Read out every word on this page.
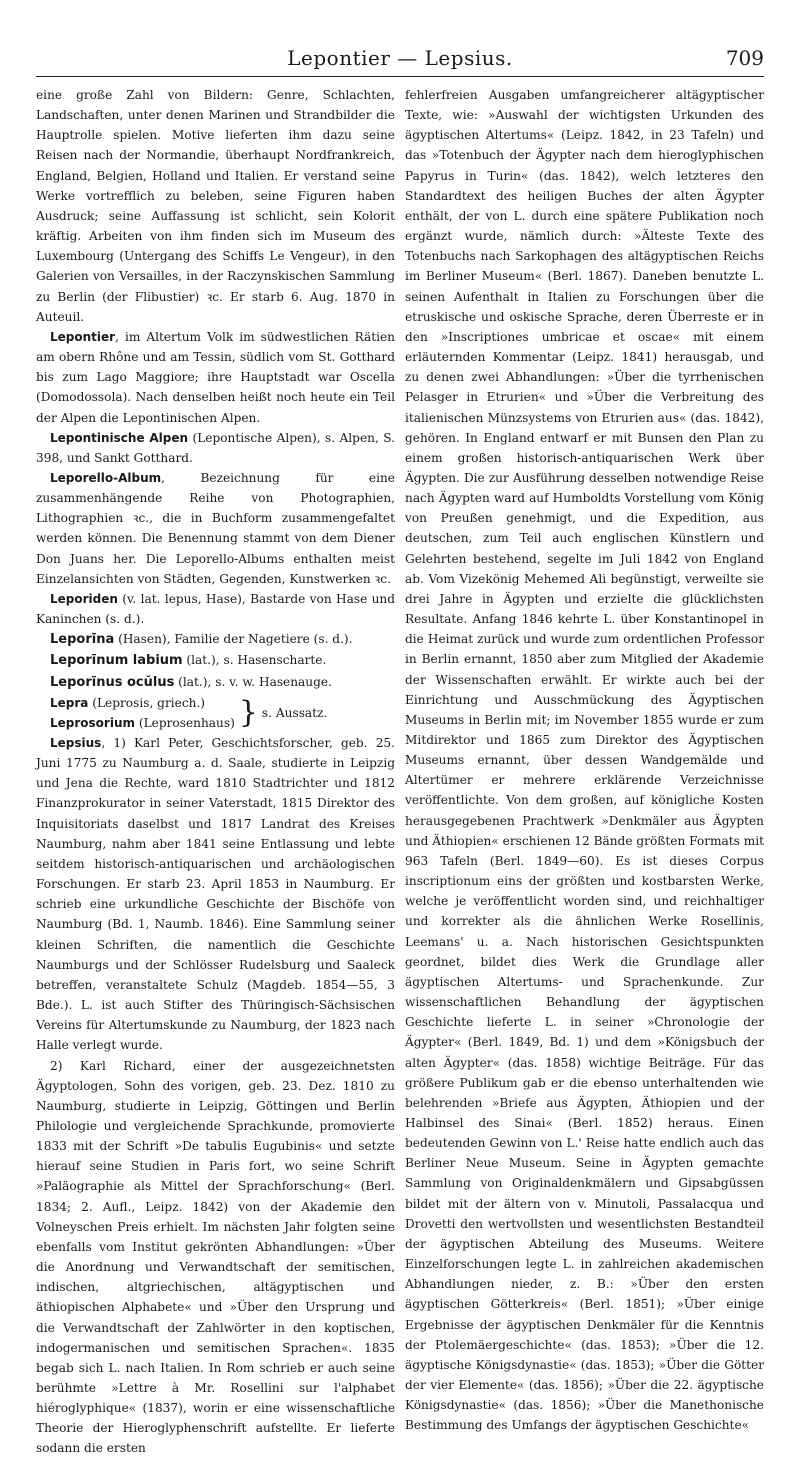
Lepontier — Lepsius.	709

eine große Zahl von Bildern: Genre, Schlachten, Landschaften, unter denen Marinen und Strandbilder die Hauptrolle spielen. Motive lieferten ihm dazu seine Reisen nach der Normandie, überhaupt Nordfrankreich, England, Belgien, Holland und Italien. Er verstand seine Werke vortrefflich zu beleben, seine Figuren haben Ausdruck; seine Auffassung ist schlicht, sein Kolorit kräftig. Arbeiten von ihm finden sich im Museum des Luxembourg (Untergang des Schiffs Le Vengeur), in den Galerien von Versailles, in der Raczynskischen Sammlung zu Berlin (der Flibustier) ꝛc. Er starb 6. Aug. 1870 in Auteuil.

Lepontier, im Altertum Volk im südwestlichen Rätien am obern Rhône und am Tessin, südlich vom St. Gotthard bis zum Lago Maggiore; ihre Hauptstadt war Oscella (Domodossola). Nach denselben heißt noch heute ein Teil der Alpen die Lepontinischen Alpen.

Lepontinische Alpen (Lepontische Alpen), s. Alpen, S. 398, und Sankt Gotthard.

Leporello-Album, Bezeichnung für eine zusammenhängende Reihe von Photographien, Lithographien ꝛc., die in Buchform zusammengefaltet werden können. Die Benennung stammt von dem Diener Don Juans her. Die Leporello-Albums enthalten meist Einzelansichten von Städten, Gegenden, Kunstwerken ꝛc.

Leporiden (v. lat. lepus, Hase), Bastarde von Hase und Kaninchen (s. d.).

Leporīna (Hasen), Familie der Nagetiere (s. d.).

Leporīnum labium (lat.), s. Hasenscharte.

Leporīnus ocŭlus (lat.), s. v. w. Hasenauge.

Lepra (Leprosis, griech.)

Leprosorium (Leprosenhaus) } s. Aussatz.

Lepsius, 1) Karl Peter, Geschichtsforscher, geb. 25. Juni 1775 zu Naumburg a. d. Saale, studierte in Leipzig und Jena die Rechte, ward 1810 Stadtrichter und 1812 Finanzprokurator in seiner Vaterstadt, 1815 Direktor des Inquisitoriats daselbst und 1817 Landrat des Kreises Naumburg, nahm aber 1841 seine Entlassung und lebte seitdem historisch-antiquarischen und archäologischen Forschungen. Er starb 23. April 1853 in Naumburg. Er schrieb eine urkundliche Geschichte der Bischöfe von Naumburg (Bd. 1, Naumb. 1846). Eine Sammlung seiner kleinen Schriften, die namentlich die Geschichte Naumburgs und der Schlösser Rudelsburg und Saaleck betreffen, veranstaltete Schulz (Magdeb. 1854—55, 3 Bde.). L. ist auch Stifter des Thüringisch-Sächsischen Vereins für Altertumskunde zu Naumburg, der 1823 nach Halle verlegt wurde.

2) Karl Richard, einer der ausgezeichnetsten Ägyptologen, Sohn des vorigen, geb. 23. Dez. 1810 zu Naumburg, studierte in Leipzig, Göttingen und Berlin Philologie und vergleichende Sprachkunde, promovierte 1833 mit der Schrift »De tabulis Eugubinis« und setzte hierauf seine Studien in Paris fort, wo seine Schrift »Paläographie als Mittel der Sprachforschung« (Berl. 1834; 2. Aufl., Leipz. 1842) von der Akademie den Volneyschen Preis erhielt. Im nächsten Jahr folgten seine ebenfalls vom Institut gekrönten Abhandlungen: »Über die Anordnung und Verwandtschaft der semitischen, indischen, altgriechischen, altägyptischen und äthiopischen Alphabete« und »Über den Ursprung und die Verwandtschaft der Zahlwörter in den koptischen, indogermanischen und semitischen Sprachen«. 1835 begab sich L. nach Italien. In Rom schrieb er auch seine berühmte »Lettre à Mr. Rosellini sur l'alphabet hiéroglyphique« (1837), worin er eine wissenschaftliche Theorie der Hieroglyphenschrift aufstellte. Er lieferte sodann die ersten

fehlerfreien Ausgaben umfangreicherer altägyptischer Texte, wie: »Auswahl der wichtigsten Urkunden des ägyptischen Altertums« (Leipz. 1842, in 23 Tafeln) und das »Totenbuch der Ägypter nach dem hieroglyphischen Papyrus in Turin« (das. 1842), welch letzteres den Standardtext des heiligen Buches der alten Ägypter enthält, der von L. durch eine spätere Publikation noch ergänzt wurde, nämlich durch: »Älteste Texte des Totenbuchs nach Sarkophagen des altägyptischen Reichs im Berliner Museum« (Berl. 1867). Daneben benutzte L. seinen Aufenthalt in Italien zu Forschungen über die etruskische und oskische Sprache, deren Überreste er in den »Inscriptiones umbricae et oscae« mit einem erläuternden Kommentar (Leipz. 1841) herausgab, und zu denen zwei Abhandlungen: »Über die tyrrhenischen Pelasger in Etrurien« und »Über die Verbreitung des italienischen Münzsystems von Etrurien aus« (das. 1842), gehören. In England entwarf er mit Bunsen den Plan zu einem großen historisch-antiquarischen Werk über Ägypten. Die zur Ausführung desselben notwendige Reise nach Ägypten ward auf Humboldts Vorstellung vom König von Preußen genehmigt, und die Expedition, aus deutschen, zum Teil auch englischen Künstlern und Gelehrten bestehend, segelte im Juli 1842 von England ab. Vom Vizekönig Mehemed Ali begünstigt, verweilte sie drei Jahre in Ägypten und erzielte die glücklichsten Resultate. Anfang 1846 kehrte L. über Konstantinopel in die Heimat zurück und wurde zum ordentlichen Professor in Berlin ernannt, 1850 aber zum Mitglied der Akademie der Wissenschaften erwählt. Er wirkte auch bei der Einrichtung und Ausschmückung des Ägyptischen Museums in Berlin mit; im November 1855 wurde er zum Mitdirektor und 1865 zum Direktor des Ägyptischen Museums ernannt, über dessen Wandgemälde und Altertümer er mehrere erklärende Verzeichnisse veröffentlichte. Von dem großen, auf königliche Kosten herausgegebenen Prachtwerk »Denkmäler aus Ägypten und Äthiopien« erschienen 12 Bände größten Formats mit 963 Tafeln (Berl. 1849—60). Es ist dieses Corpus inscriptionum eins der größten und kostbarsten Werke, welche je veröffentlicht worden sind, und reichhaltiger und korrekter als die ähnlichen Werke Rosellinis, Leemans' u. a. Nach historischen Gesichtspunkten geordnet, bildet dies Werk die Grundlage aller ägyptischen Altertums- und Sprachenkunde. Zur wissenschaftlichen Behandlung der ägyptischen Geschichte lieferte L. in seiner »Chronologie der Ägypter« (Berl. 1849, Bd. 1) und dem »Königsbuch der alten Ägypter« (das. 1858) wichtige Beiträge. Für das größere Publikum gab er die ebenso unterhaltenden wie belehrenden »Briefe aus Ägypten, Äthiopien und der Halbinsel des Sinai« (Berl. 1852) heraus. Einen bedeutenden Gewinn von L.' Reise hatte endlich auch das Berliner Neue Museum. Seine in Ägypten gemachte Sammlung von Originaldenkmälern und Gipsabgüssen bildet mit der ältern von v. Minutoli, Passalacqua und Drovetti den wertvollsten und wesentlichsten Bestandteil der ägyptischen Abteilung des Museums. Weitere Einzelforschungen legte L. in zahlreichen akademischen Abhandlungen nieder, z. B.: »Über den ersten ägyptischen Götterkreis« (Berl. 1851); »Über einige Ergebnisse der ägyptischen Denkmäler für die Kenntnis der Ptolemäergeschichte« (das. 1853); »Über die 12. ägyptische Königsdynastie« (das. 1853); »Über die Götter der vier Elemente« (das. 1856); »Über die 22. ägyptische Königsdynastie« (das. 1856); »Über die Manethonische Bestimmung des Umfangs der ägyptischen Geschichte«
